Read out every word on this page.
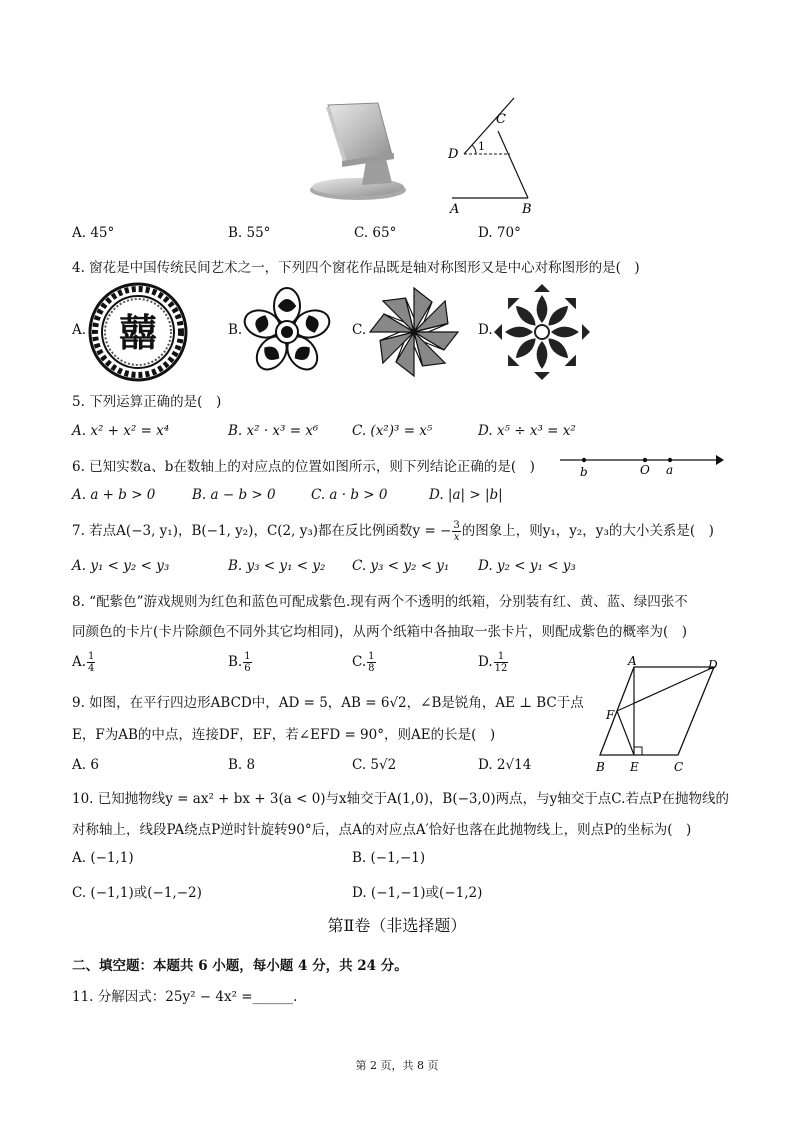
D
C
A	B
1
A. 45°	B. 55°	C. 65°	D. 70°
4. 窗花是中国传统民间艺术之一，下列四个窗花作品既是轴对称图形又是中心对称图形的是(　)
A. 囍	B.	C.	D.
5. 下列运算正确的是(　)
A. x² + x² = x⁴	B. x² · x³ = x⁶ C. (x²)³ = x⁵	D. x⁵ ÷ x³ = x²
6. 已知实数a、b在数轴上的对应点的位置如图所示，则下列结论正确的是(　)	b	O a
A. a + b > 0	B. a − b > 0	C. a · b > 0	D. |a| > |b|
7. 若点A(−3, y₁)，B(−1, y₂)，C(2, y₃)都在反比例函数y = − $\frac{3}{x}$ 的图象上，则y₁，y₂，y₃的大小关系是(　)
A. y₁ < y₂ < y₃	B. y₃ < y₁ < y₂ C. y₃ < y₂ < y₁ D. y₂ < y₁ < y₃
8. “配紫色”游戏规则为红色和蓝色可配成紫色.现有两个不透明的纸箱，分别装有红、黄、蓝、绿四张不
同颜色的卡片(卡片除颜色不同外其它均相同)，从两个纸箱中各抽取一张卡片，则配成紫色的概率为(　)
A. $\frac{1}{4}$	B. $\frac{1}{6}$	C. $\frac{1}{8}$	D. $\frac{1}{12}$
9. 如图，在平行四边形ABCD中，AD = 5，AB = 6√2，∠B是锐角，AE ⊥ BC于点
E，F为AB的中点，连接DF，EF，若∠EFD = 90°，则AE的长是(　)
A	D
F
B E	C
A. 6	B. 8	C. 5√2	D. 2√14
10. 已知抛物线y = ax² + bx + 3(a < 0)与x轴交于A(1,0)，B(−3,0)两点，与y轴交于点C.若点P在抛物线的
对称轴上，线段PA绕点P逆时针旋转90°后，点A的对应点A′恰好也落在此抛物线上，则点P的坐标为(　)
A. (−1,1)	B. (−1,−1)
C. (−1,1)或(−1,−2)	D. (−1,−1)或(−1,2)
第Ⅱ卷（非选择题）
二、填空题：本题共 6 小题，每小题 4 分，共 24 分。
11. 分解因式：25y² − 4x² =______.
第 2 页，共 8 页
